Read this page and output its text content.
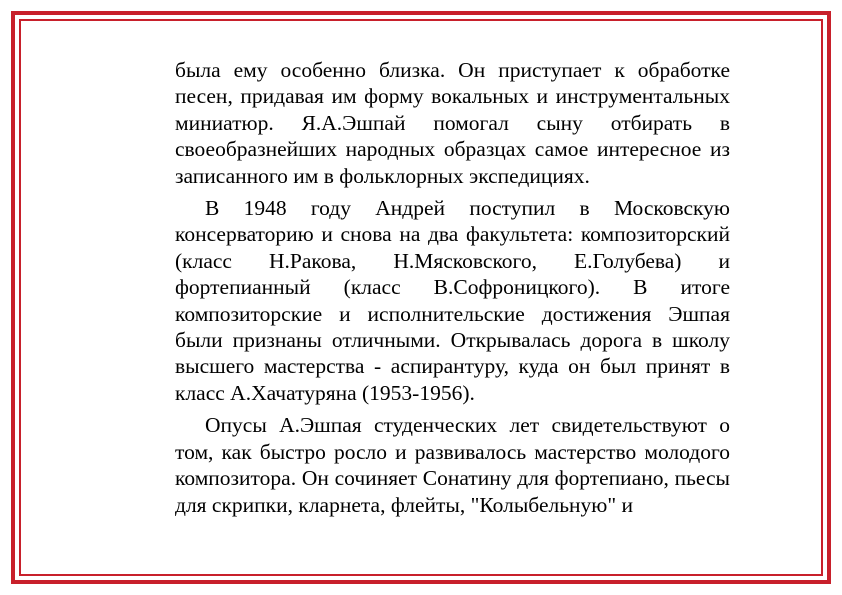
была ему особенно близка. Он приступает к обработке песен, придавая им форму вокальных и инструментальных миниатюр. Я.А.Эшпай помогал сыну отбирать в своеобразнейших народных образцах самое интересное из записанного им в фольклорных экспедициях.

В 1948 году Андрей поступил в Московскую консерваторию и снова на два факультета: композиторский (класс Н.Ракова, Н.Мясковского, Е.Голубева) и фортепианный (класс В.Софроницкого). В итоге композиторские и исполнительские достижения Эшпая были признаны отличными. Открывалась дорога в школу высшего мастерства - аспирантуру, куда он был принят в класс А.Хачатуряна (1953-1956).

Опусы А.Эшпая студенческих лет свидетельствуют о том, как быстро росло и развивалось мастерство молодого композитора. Он сочиняет Сонатину для фортепиано, пьесы для скрипки, кларнета, флейты, "Колыбельную" и
